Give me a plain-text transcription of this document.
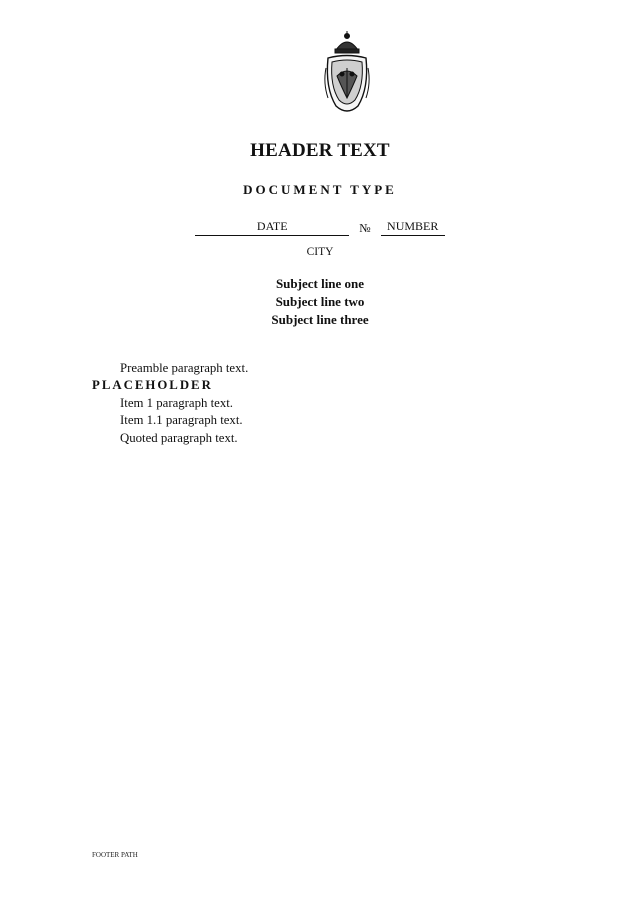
HEADER TEXT
DOCUMENT TYPE
DATE	№	NUMBER

CITY

Subject line one
Subject line two
Subject line three

Preamble paragraph text.

PLACEHOLDER

Item 1 paragraph text.

Item 1.1 paragraph text.

Quoted paragraph text.

FOOTER PATH
